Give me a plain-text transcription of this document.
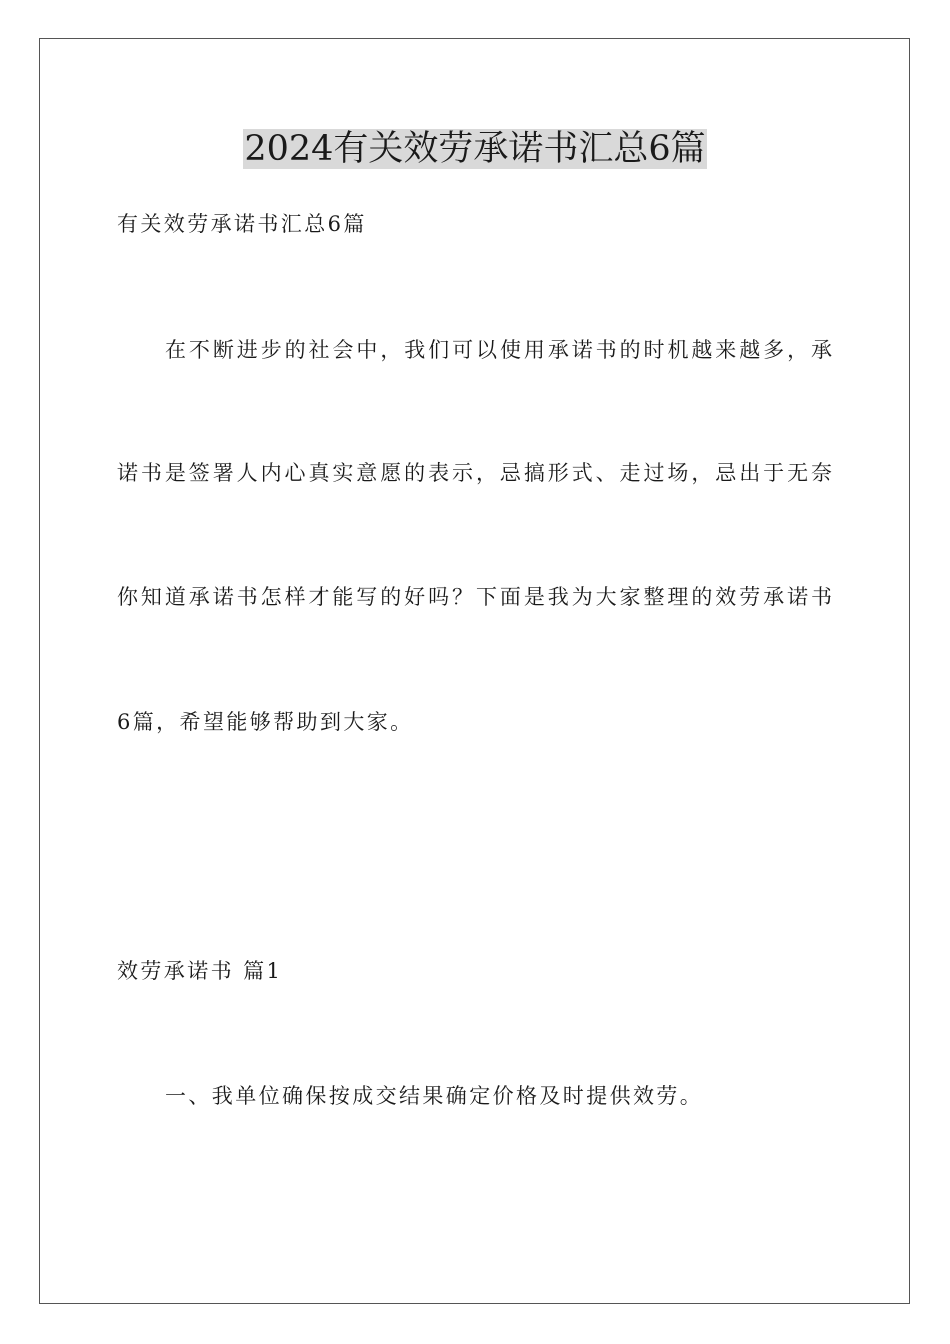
2024有关效劳承诺书汇总6篇
有关效劳承诺书汇总6篇
在不断进步的社会中，我们可以使用承诺书的时机越来越多，承
诺书是签署人内心真实意愿的表示，忌搞形式、走过场，忌出于无奈
你知道承诺书怎样才能写的好吗？下面是我为大家整理的效劳承诺书
6篇，希望能够帮助到大家。
效劳承诺书 篇1
一、我单位确保按成交结果确定价格及时提供效劳。
